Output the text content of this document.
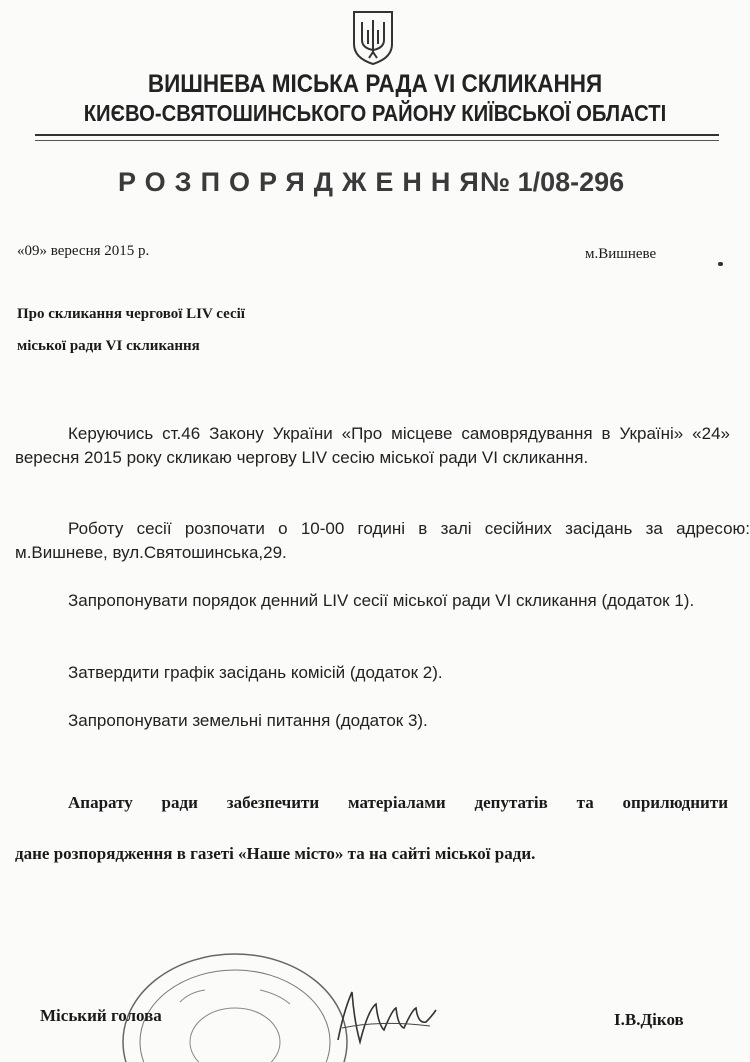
ВИШНЕВА МІСЬКА РАДА VI СКЛИКАННЯ
КИЄВО-СВЯТОШИНСЬКОГО РАЙОНУ КИЇВСЬКОЇ ОБЛАСТІ
РОЗПОРЯДЖЕННЯ
№ 1/08-296
«09» вересня 2015 р.	м.Вишневе
Про скликання чергової LIV сесії
міської ради VI скликання
Керуючись ст.46 Закону України «Про місцеве самоврядування в Україні» «24» вересня 2015 року скликаю чергову LIV сесію міської ради VI скликання.
Роботу сесії розпочати о 10-00 годині в залі сесійних засідань за адресою: м.Вишневе, вул.Святошинська,29.
Запропонувати порядок денний LIV сесії міської ради VI скликання (додаток 1).
Затвердити графік засідань комісій (додаток 2).
Запропонувати земельні питання (додаток 3).
Апарату ради забезпечити матеріалами депутатів та оприлюднити
дане розпорядження в газеті «Наше місто» та на сайті міської ради.
Міський голова	І.В.Діков
